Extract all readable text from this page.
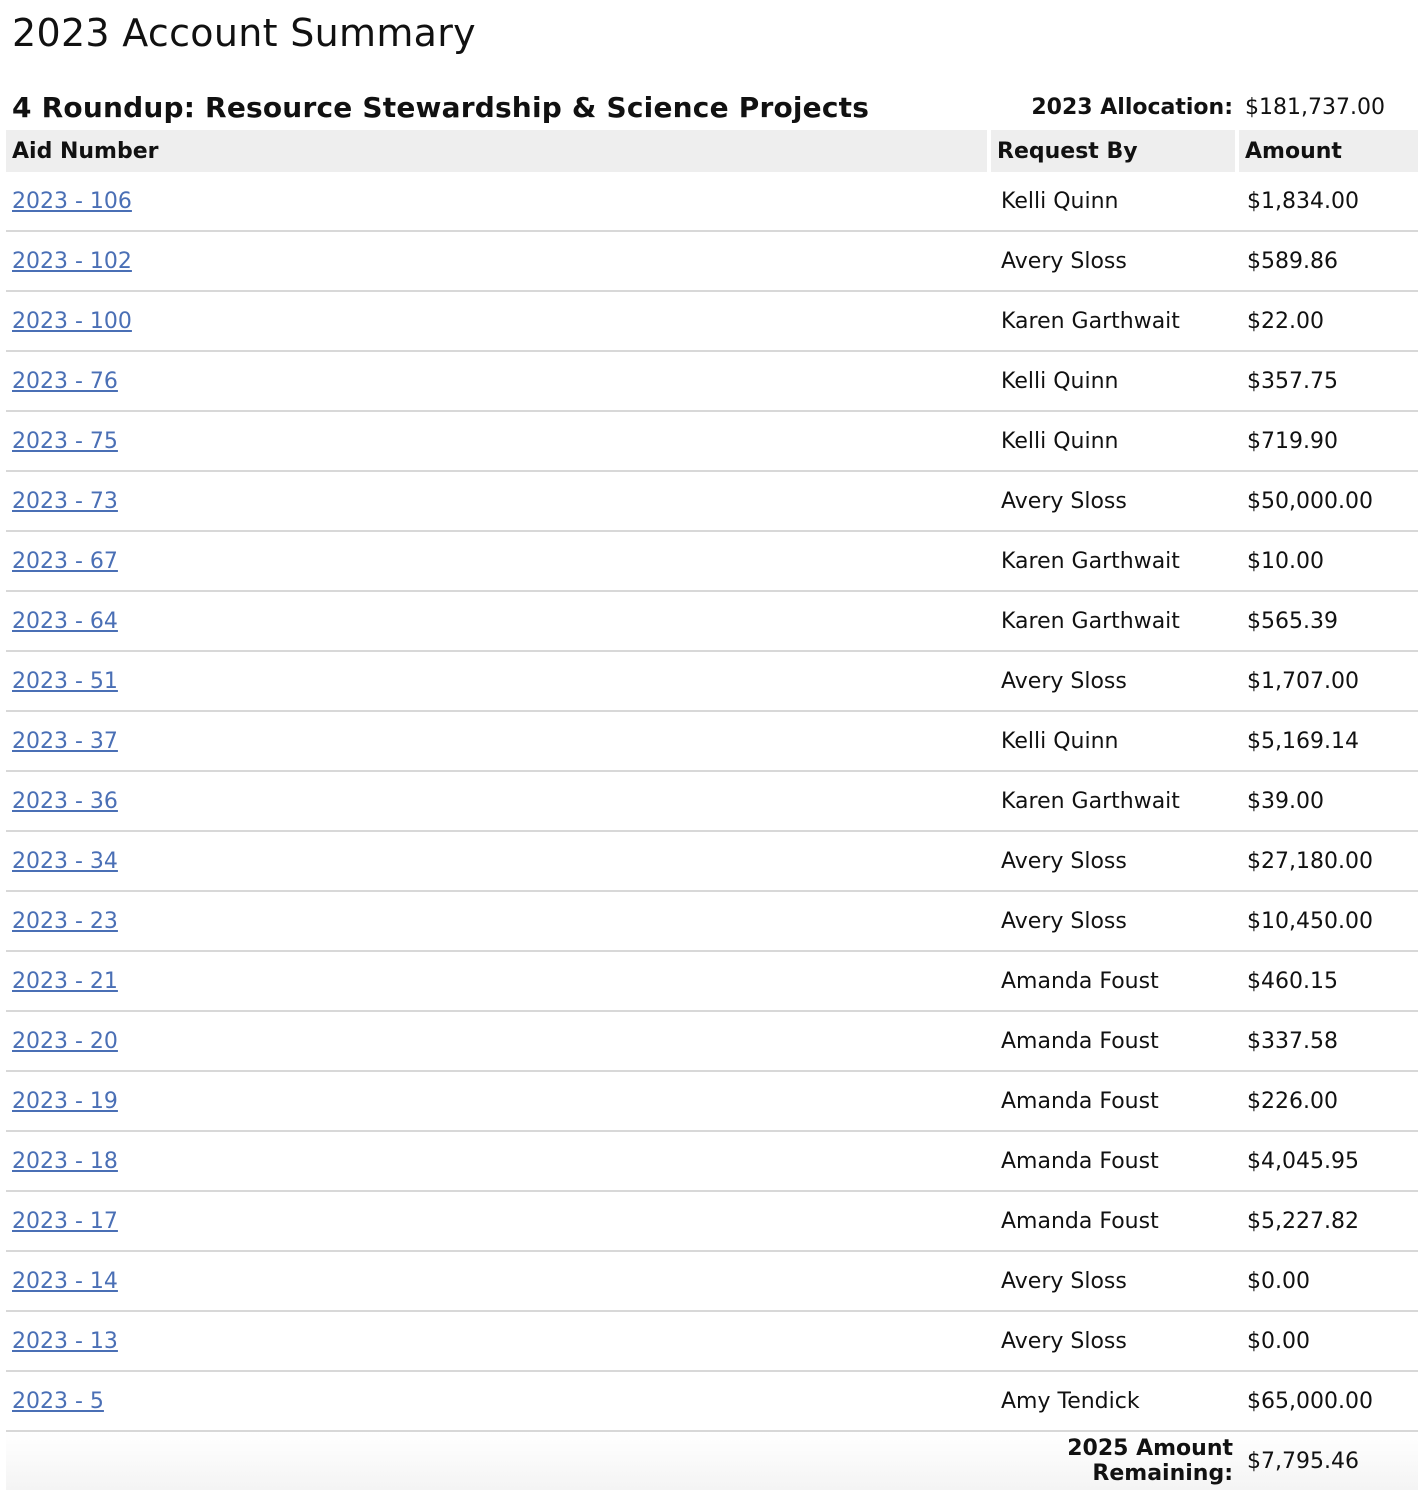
2023 Account Summary
4 Roundup: Resource Stewardship & Science Projects	2023 Allocation:	$181,737.00
Aid Number	Request By	Amount
2023 - 106	Kelli Quinn	$1,834.00
2023 - 102	Avery Sloss	$589.86
2023 - 100	Karen Garthwait	$22.00
2023 - 76	Kelli Quinn	$357.75
2023 - 75	Kelli Quinn	$719.90
2023 - 73	Avery Sloss	$50,000.00
2023 - 67	Karen Garthwait	$10.00
2023 - 64	Karen Garthwait	$565.39
2023 - 51	Avery Sloss	$1,707.00
2023 - 37	Kelli Quinn	$5,169.14
2023 - 36	Karen Garthwait	$39.00
2023 - 34	Avery Sloss	$27,180.00
2023 - 23	Avery Sloss	$10,450.00
2023 - 21	Amanda Foust	$460.15
2023 - 20	Amanda Foust	$337.58
2023 - 19	Amanda Foust	$226.00
2023 - 18	Amanda Foust	$4,045.95
2023 - 17	Amanda Foust	$5,227.82
2023 - 14	Avery Sloss	$0.00
2023 - 13	Avery Sloss	$0.00
2023 - 5	Amy Tendick	$65,000.00
	2025 Amount Remaining:	$7,795.46
